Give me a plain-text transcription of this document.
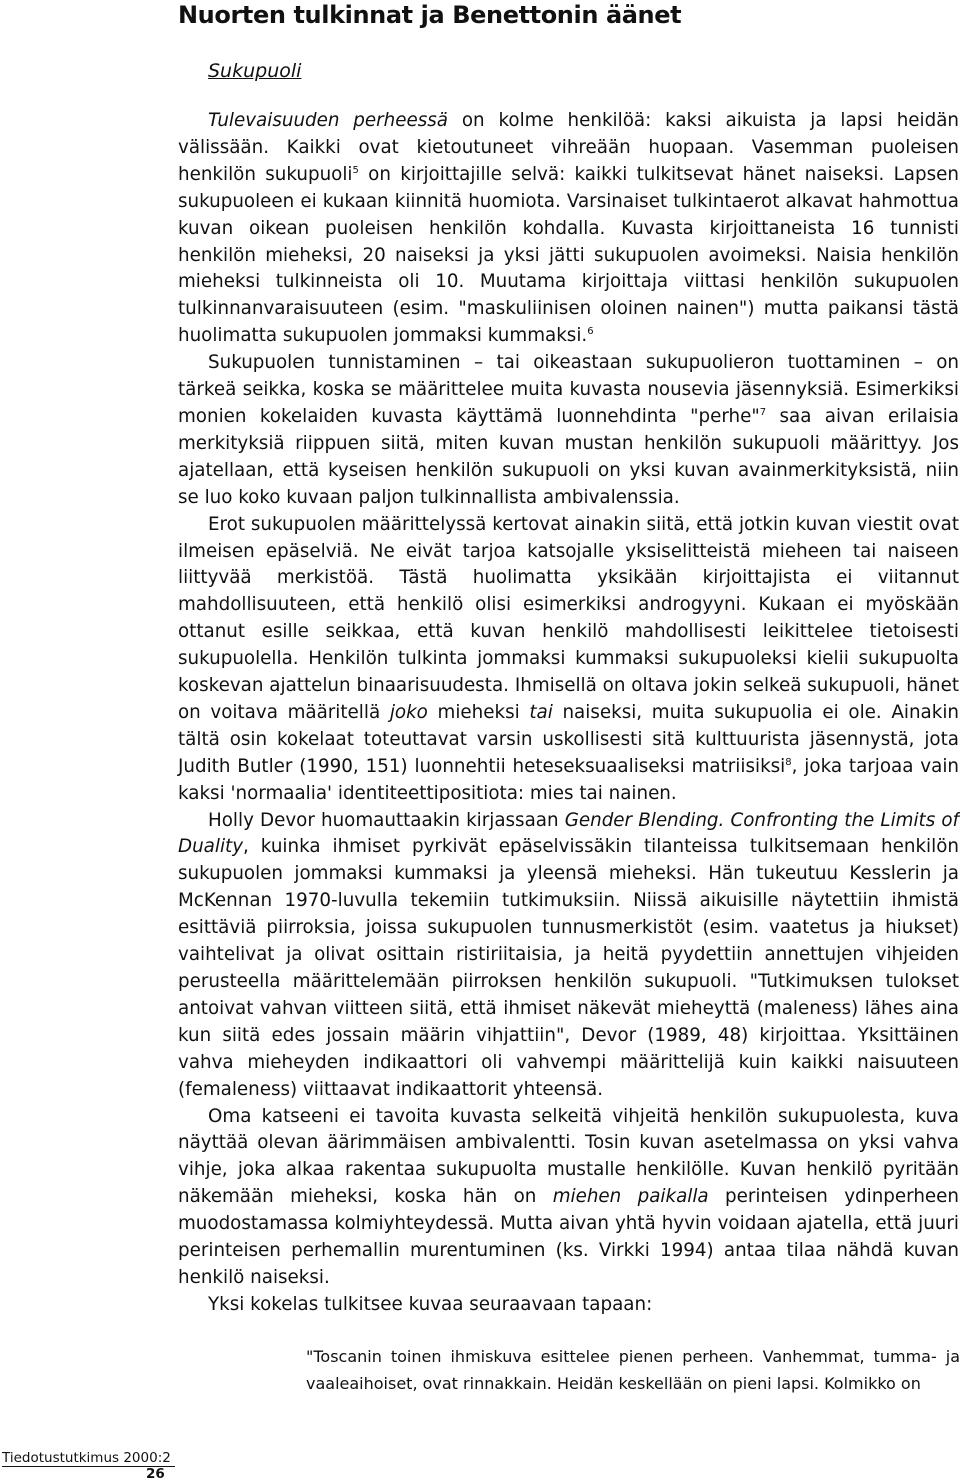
Nuorten tulkinnat ja Benettonin äänet
Sukupuoli

Tulevaisuuden perheessä on kolme henkilöä: kaksi aikuista ja lapsi heidän välissään. Kaikki ovat kietoutuneet vihreään huopaan. Vasemman puoleisen henkilön sukupuoli$^5$ on kirjoittajille selvä: kaikki tulkitsevat hänet naiseksi. Lapsen sukupuoleen ei kukaan kiinnitä huomiota. Varsinaiset tulkintaerot alkavat hahmottua kuvan oikean puoleisen henkilön kohdalla. Kuvasta kirjoittaneista 16 tunnisti henkilön mieheksi, 20 naiseksi ja yksi jätti sukupuolen avoimeksi. Naisia henkilön mieheksi tulkinneista oli 10. Muutama kirjoittaja viittasi henkilön sukupuolen tulkinnanvaraisuuteen (esim. "maskuliinisen oloinen nainen") mutta paikansi tästä huolimatta sukupuolen jommaksi kummaksi.$^6$

Sukupuolen tunnistaminen – tai oikeastaan sukupuolieron tuottaminen – on tärkeä seikka, koska se määrittelee muita kuvasta nousevia jäsennyksiä. Esimerkiksi monien kokelaiden kuvasta käyttämä luonnehdinta "perhe"$^7$ saa aivan erilaisia merkityksiä riippuen siitä, miten kuvan mustan henkilön sukupuoli määrittyy. Jos ajatellaan, että kyseisen henkilön sukupuoli on yksi kuvan avainmerkityksistä, niin se luo koko kuvaan paljon tulkinnallista ambivalenssia.

Erot sukupuolen määrittelyssä kertovat ainakin siitä, että jotkin kuvan viestit ovat ilmeisen epäselviä. Ne eivät tarjoa katsojalle yksiselitteistä mieheen tai naiseen liittyvää merkistöä. Tästä huolimatta yksikään kirjoittajista ei viitannut mahdollisuuteen, että henkilö olisi esimerkiksi androgyyni. Kukaan ei myöskään ottanut esille seikkaa, että kuvan henkilö mahdollisesti leikittelee tietoisesti sukupuolella. Henkilön tulkinta jommaksi kummaksi sukupuoleksi kielii sukupuolta koskevan ajattelun binaarisuudesta. Ihmisellä on oltava jokin selkeä sukupuoli, hänet on voitava määritellä joko mieheksi tai naiseksi, muita sukupuolia ei ole. Ainakin tältä osin kokelaat toteuttavat varsin uskollisesti sitä kulttuurista jäsennystä, jota Judith Butler (1990, 151) luonnehtii heteseksuaaliseksi matriisiksi$^8$, joka tarjoaa vain kaksi 'normaalia' identiteettipositiota: mies tai nainen.

Holly Devor huomauttaakin kirjassaan Gender Blending. Confronting the Limits of Duality, kuinka ihmiset pyrkivät epäselvissäkin tilanteissa tulkitsemaan henkilön sukupuolen jommaksi kummaksi ja yleensä mieheksi. Hän tukeutuu Kesslerin ja McKennan 1970-luvulla tekemiin tutkimuksiin. Niissä aikuisille näytettiin ihmistä esittäviä piirroksia, joissa sukupuolen tunnusmerkistöt (esim. vaatetus ja hiukset) vaihtelivat ja olivat osittain ristiriitaisia, ja heitä pyydettiin annettujen vihjeiden perusteella määrittelemään piirroksen henkilön sukupuoli. "Tutkimuksen tulokset antoivat vahvan viitteen siitä, että ihmiset näkevät mieheyttä (maleness) lähes aina kun siitä edes jossain määrin vihjattiin", Devor (1989, 48) kirjoittaa. Yksittäinen vahva mieheyden indikaattori oli vahvempi määrittelijä kuin kaikki naisuuteen (femaleness) viittaavat indikaattorit yhteensä.

Oma katseeni ei tavoita kuvasta selkeitä vihjeitä henkilön sukupuolesta, kuva näyttää olevan äärimmäisen ambivalentti. Tosin kuvan asetelmassa on yksi vahva vihje, joka alkaa rakentaa sukupuolta mustalle henkilölle. Kuvan henkilö pyritään näkemään mieheksi, koska hän on miehen paikalla perinteisen ydinperheen muodostamassa kolmiyhteydessä. Mutta aivan yhtä hyvin voidaan ajatella, että juuri perinteisen perhemallin murentuminen (ks. Virkki 1994) antaa tilaa nähdä kuvan henkilö naiseksi.

Yksi kokelas tulkitsee kuvaa seuraavaan tapaan:

"Toscanin toinen ihmiskuva esittelee pienen perheen. Vanhemmat, tumma- ja vaaleaihoiset, ovat rinnakkain. Heidän keskellään on pieni lapsi. Kolmikko on
Tiedotustutkimus 2000:2
26
